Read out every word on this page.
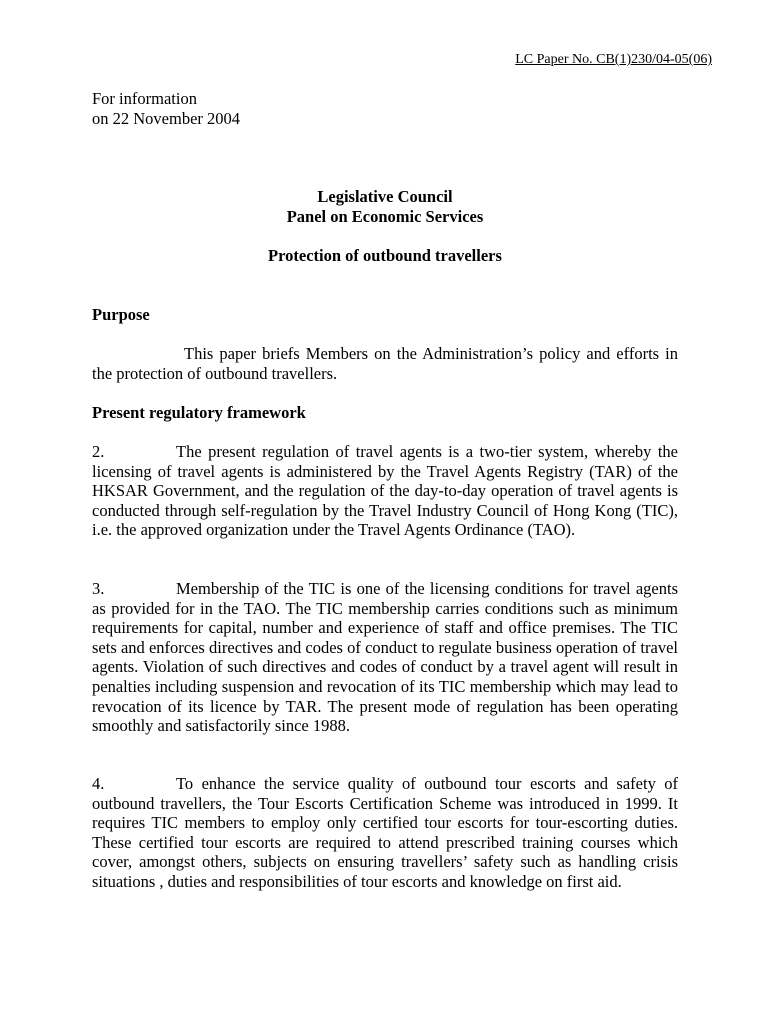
LC Paper No. CB(1)230/04-05(06)
For information
on 22 November 2004
Legislative Council
Panel on Economic Services
Protection of outbound travellers
Purpose

This paper briefs Members on the Administration’s policy and efforts in the protection of outbound travellers.

Present regulatory framework

2.	The present regulation of travel agents is a two-tier system, whereby the licensing of travel agents is administered by the Travel Agents Registry (TAR) of the HKSAR Government, and the regulation of the day-to-day operation of travel agents is conducted through self-regulation by the Travel Industry Council of Hong Kong (TIC), i.e. the approved organization under the Travel Agents Ordinance (TAO).

3.	Membership of the TIC is one of the licensing conditions for travel agents as provided for in the TAO. The TIC membership carries conditions such as minimum requirements for capital, number and experience of staff and office premises. The TIC sets and enforces directives and codes of conduct to regulate business operation of travel agents. Violation of such directives and codes of conduct by a travel agent will result in penalties including suspension and revocation of its TIC membership which may lead to revocation of its licence by TAR. The present mode of regulation has been operating smoothly and satisfactorily since 1988.

4.	To enhance the service quality of outbound tour escorts and safety of outbound travellers, the Tour Escorts Certification Scheme was introduced in 1999. It requires TIC members to employ only certified tour escorts for tour-escorting duties. These certified tour escorts are required to attend prescribed training courses which cover, amongst others, subjects on ensuring travellers’ safety such as handling crisis situations , duties and responsibilities of tour escorts and knowledge on first aid.
